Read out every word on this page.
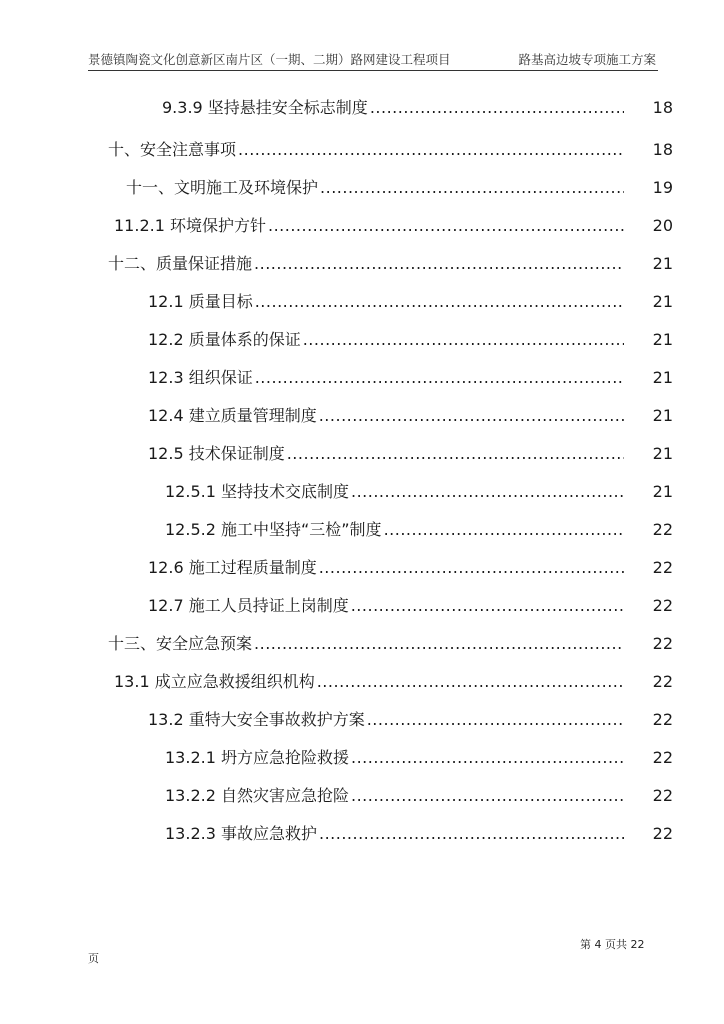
景德镇陶瓷文化创意新区南片区（一期、二期）路网建设工程项目	路基高边坡专项施工方案
9.3.9 坚持悬挂安全标志制度 .....	18
十、安全注意事项 .....	18
十一、文明施工及环境保护 .....	19
11.2.1 环境保护方针 .....	20
十二、质量保证措施 .....	21
12.1 质量目标 .....	21
12.2 质量体系的保证 .....	21
12.3 组织保证 .....	21
12.4 建立质量管理制度 .....	21
12.5 技术保证制度 .....	21
12.5.1 坚持技术交底制度 .....	21
12.5.2 施工中坚持“三检”制度 .....	22
12.6 施工过程质量制度 .....	22
12.7 施工人员持证上岗制度 .....	22
十三、安全应急预案 .....	22
13.1 成立应急救援组织机构 .....	22
13.2 重特大安全事故救护方案 .....	22
13.2.1 坍方应急抢险救援 .....	22
13.2.2 自然灾害应急抢险 .....	22
13.2.3 事故应急救护 .....	22
第 4 页共 22
页
